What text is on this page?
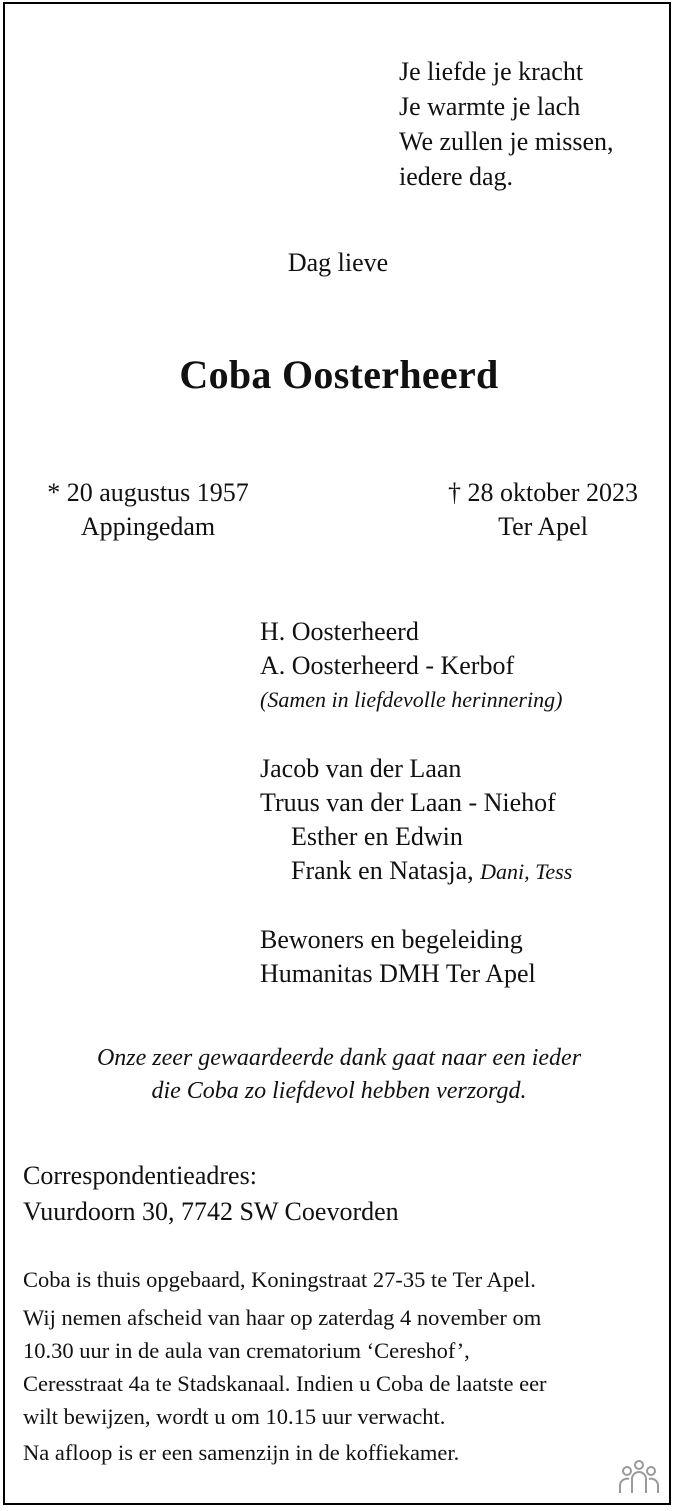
Je liefde je kracht
Je warmte je lach
We zullen je missen,
iedere dag.
Dag lieve
Coba Oosterheerd
* 20 augustus 1957
Appingedam
† 28 oktober 2023
Ter Apel
H. Oosterheerd
A. Oosterheerd - Kerbof
(Samen in liefdevolle herinnering)
Jacob van der Laan
Truus van der Laan - Niehof
Esther en Edwin
Frank en Natasja, Dani, Tess
Bewoners en begeleiding
Humanitas DMH Ter Apel
Onze zeer gewaardeerde dank gaat naar een ieder
die Coba zo liefdevol hebben verzorgd.
Correspondentieadres:
Vuurdoorn 30, 7742 SW Coevorden
Coba is thuis opgebaard, Koningstraat 27-35 te Ter Apel.
Wij nemen afscheid van haar op zaterdag 4 november om
10.30 uur in de aula van crematorium ‘Cereshof’,
Ceresstraat 4a te Stadskanaal. Indien u Coba de laatste eer
wilt bewijzen, wordt u om 10.15 uur verwacht.
Na afloop is er een samenzijn in de koffiekamer.
